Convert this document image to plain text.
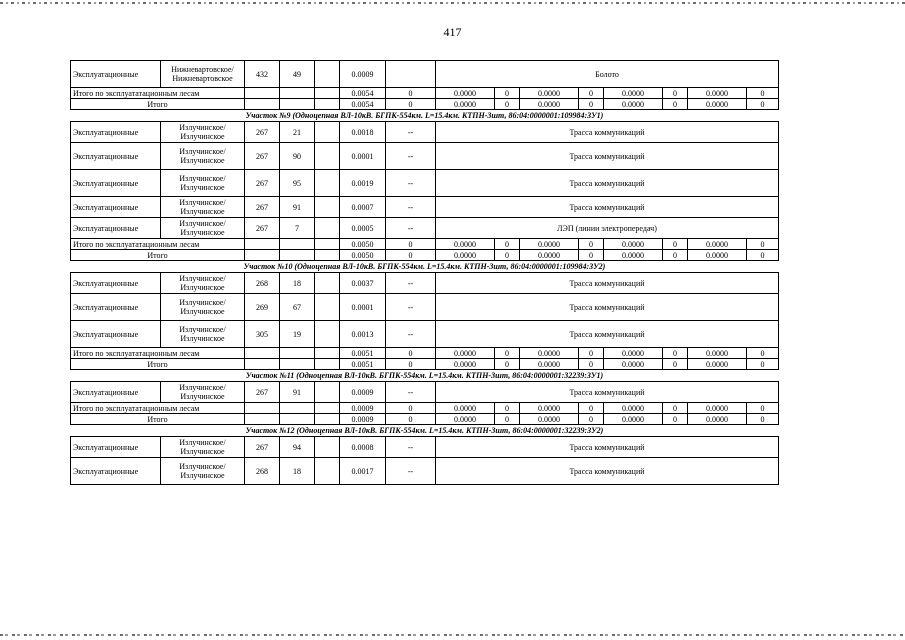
417
Эксплуатационные	Нижневартовское/ Нижневартовское	432	49		0.0009		Болото							
Итого по эксплуататационным лесам					0.0054	0	0.0000	0	0.0000	0	0.0000	0	0.0000	0
Итого					0.0054	0	0.0000	0	0.0000	0	0.0000	0	0.0000	0
Участок №9 (Одноцепная ВЛ-10кВ. БГПК-554км. L=15.4км. КТПН-3шт, 86:04:0000001:109984:ЗУ1)														
Эксплуатационные	Излучинское/ Излучинское	267	21		0.0018	--	Трасса коммуникаций							
Эксплуатационные	Излучинское/ Излучинское	267	90		0.0001	--	Трасса коммуникаций							
Эксплуатационные	Излучинское/ Излучинское	267	95		0.0019	--	Трасса коммуникаций							
Эксплуатационные	Излучинское/ Излучинское	267	91		0.0007	--	Трасса коммуникаций							
Эксплуатационные	Излучинское/ Излучинское	267	7		0.0005	--	ЛЭП (линии электропередач)							
Итого по эксплуататационным лесам					0.0050	0	0.0000	0	0.0000	0	0.0000	0	0.0000	0
Итого					0.0050	0	0.0000	0	0.0000	0	0.0000	0	0.0000	0
Участок №10 (Одноцепная ВЛ-10кВ. БГПК-554км. L=15.4км. КТПН-3шт, 86:04:0000001:109984:ЗУ2)														
Эксплуатационные	Излучинское/ Излучинское	268	18		0.0037	--	Трасса коммуникаций							
Эксплуатационные	Излучинское/ Излучинское	269	67		0.0001	--	Трасса коммуникаций							
Эксплуатационные	Излучинское/ Излучинское	305	19		0.0013	--	Трасса коммуникаций							
Итого по эксплуататационным лесам					0.0051	0	0.0000	0	0.0000	0	0.0000	0	0.0000	0
Итого					0.0051	0	0.0000	0	0.0000	0	0.0000	0	0.0000	0
Участок №11 (Одноцепная ВЛ-10кВ. БГПК-554км. L=15.4км. КТПН-3шт, 86:04:0000001:32239:ЗУ1)														
Эксплуатационные	Излучинское/ Излучинское	267	91		0.0009	--	Трасса коммуникаций							
Итого по эксплуататационным лесам					0.0009	0	0.0000	0	0.0000	0	0.0000	0	0.0000	0
Итого					0.0009	0	0.0000	0	0.0000	0	0.0000	0	0.0000	0
Участок №12 (Одноцепная ВЛ-10кВ. БГПК-554км. L=15.4км. КТПН-3шт, 86:04:0000001:32239:ЗУ2)														
Эксплуатационные	Излучинское/ Излучинское	267	94		0.0008	--	Трасса коммуникаций							
Эксплуатационные	Излучинское/ Излучинское	268	18		0.0017	--	Трасса коммуникаций							
